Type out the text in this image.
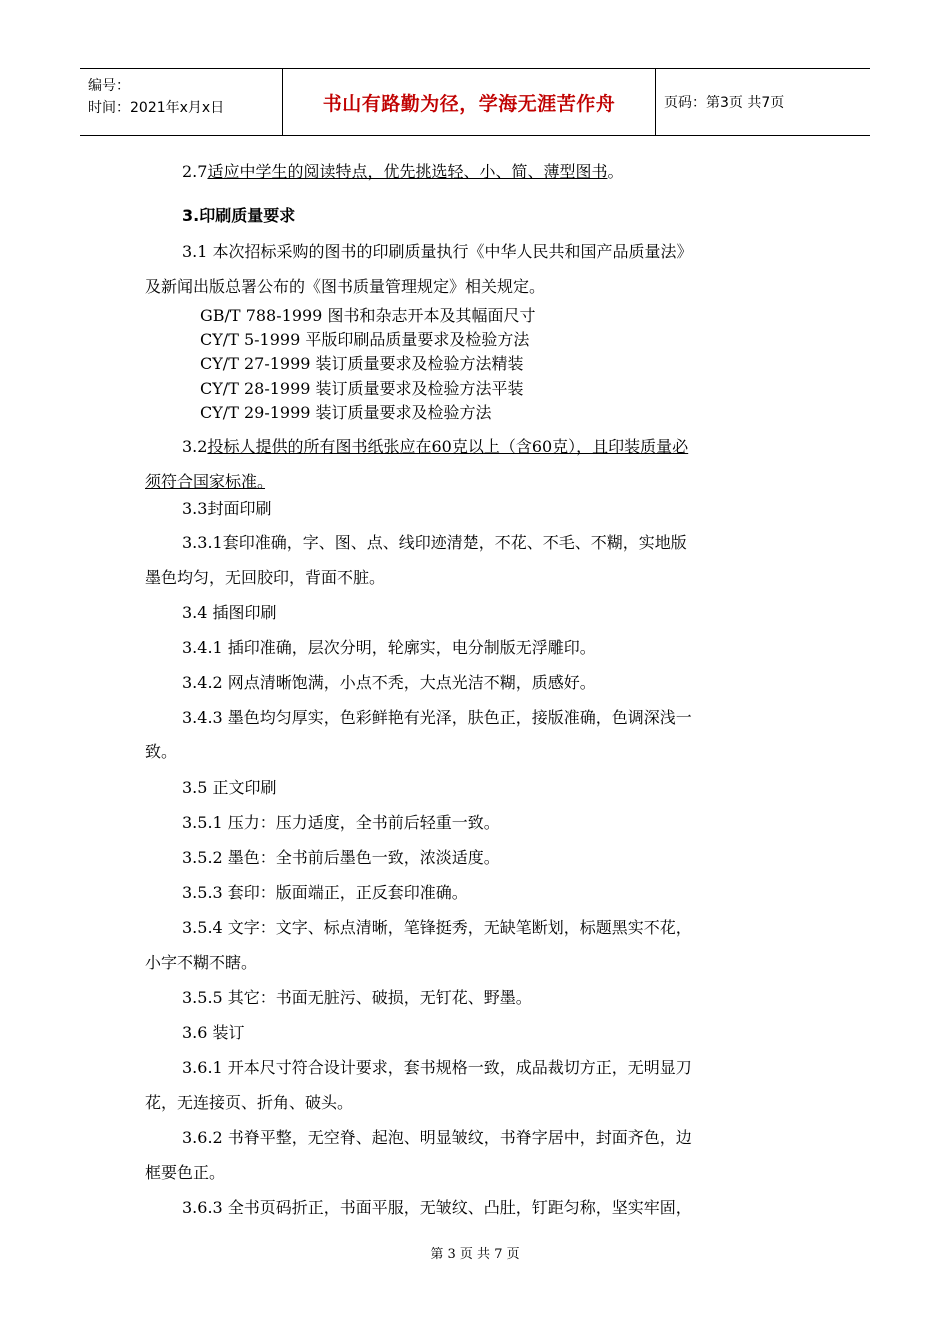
编号：
时间：2021年x月x日	书山有路勤为径，学海无涯苦作舟	页码：第3页 共7页
2.7适应中学生的阅读特点，优先挑选轻、小、简、薄型图书。
3.印刷质量要求
3.1 本次招标采购的图书的印刷质量执行《中华人民共和国产品质量法》
及新闻出版总署公布的《图书质量管理规定》相关规定。
GB/T 788-1999 图书和杂志开本及其幅面尺寸
CY/T 5-1999 平版印刷品质量要求及检验方法
CY/T 27-1999 装订质量要求及检验方法精装
CY/T 28-1999 装订质量要求及检验方法平装
CY/T 29-1999 装订质量要求及检验方法
3.2投标人提供的所有图书纸张应在60克以上（含60克），且印装质量必
须符合国家标准。　
3.3封面印刷
3.3.1套印准确，字、图、点、线印迹清楚，不花、不毛、不糊，实地版
墨色均匀，无回胶印，背面不脏。
3.4 插图印刷
3.4.1 插印准确，层次分明，轮廓实，电分制版无浮雕印。
3.4.2 网点清晰饱满，小点不秃，大点光洁不糊，质感好。
3.4.3 墨色均匀厚实，色彩鲜艳有光泽，肤色正，接版准确，色调深浅一
致。
3.5 正文印刷
3.5.1 压力：压力适度，全书前后轻重一致。
3.5.2 墨色：全书前后墨色一致，浓淡适度。
3.5.3 套印：版面端正，正反套印准确。
3.5.4 文字：文字、标点清晰，笔锋挺秀，无缺笔断划，标题黑实不花，
小字不糊不瞎。
3.5.5 其它：书面无脏污、破损，无钉花、野墨。
3.6 装订
3.6.1 开本尺寸符合设计要求，套书规格一致，成品裁切方正，无明显刀
花，无连接页、折角、破头。
3.6.2 书脊平整，无空脊、起泡、明显皱纹，书脊字居中，封面齐色，边
框要色正。
3.6.3 全书页码折正，书面平服，无皱纹、凸肚，钉距匀称，坚实牢固，
第 3 页 共 7 页
